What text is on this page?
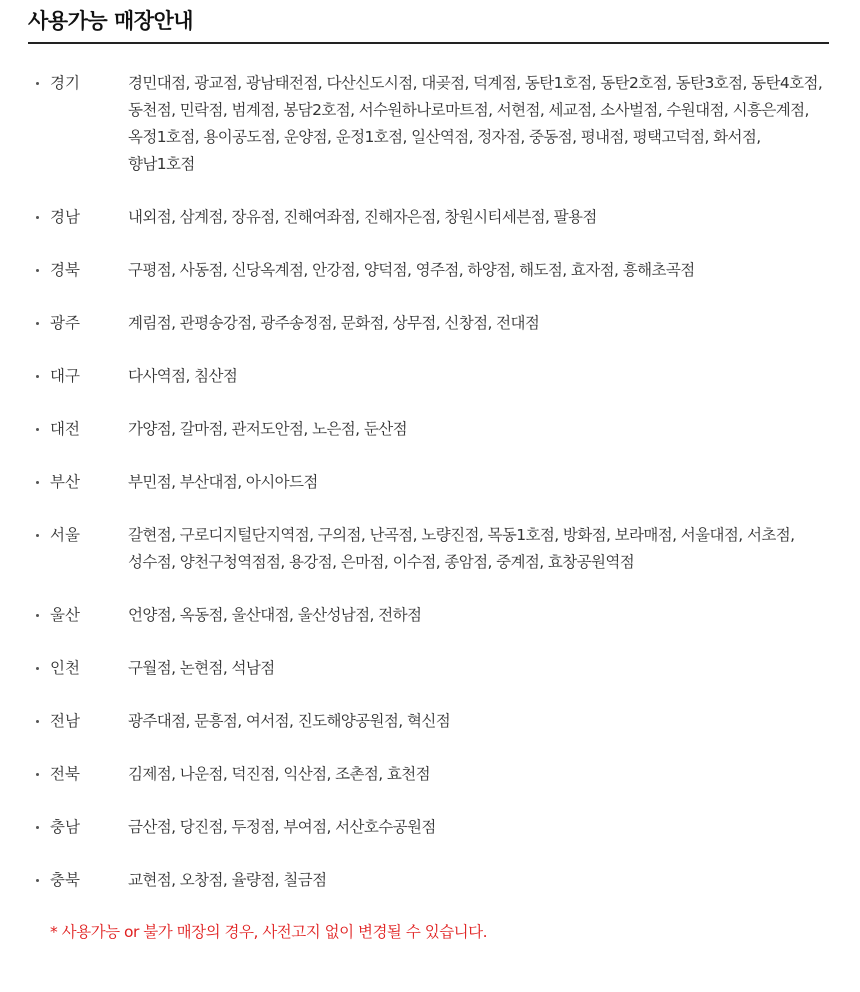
사용가능 매장안내
경기	경민대점, 광교점, 광남태전점, 다산신도시점, 대곶점, 덕계점, 동탄1호점, 동탄2호점, 동탄3호점, 동탄4호점, 동천점, 민락점, 범계점, 봉담2호점, 서수원하나로마트점, 서현점, 세교점, 소사벌점, 수원대점, 시흥은계점, 옥정1호점, 용이공도점, 운양점, 운정1호점, 일산역점, 정자점, 중동점, 평내점, 평택고덕점, 화서점, 향남1호점
경남	내외점, 삼계점, 장유점, 진해여좌점, 진해자은점, 창원시티세븐점, 팔용점
경북	구평점, 사동점, 신당옥계점, 안강점, 양덕점, 영주점, 하양점, 해도점, 효자점, 흥해초곡점
광주	계림점, 관평송강점, 광주송정점, 문화점, 상무점, 신창점, 전대점
대구	다사역점, 침산점
대전	가양점, 갈마점, 관저도안점, 노은점, 둔산점
부산	부민점, 부산대점, 아시아드점
서울	갈현점, 구로디지털단지역점, 구의점, 난곡점, 노량진점, 목동1호점, 방화점, 보라매점, 서울대점, 서초점, 성수점, 양천구청역점점, 용강점, 은마점, 이수점, 종암점, 중계점, 효창공원역점
울산	언양점, 옥동점, 울산대점, 울산성남점, 전하점
인천	구월점, 논현점, 석남점
전남	광주대점, 문흥점, 여서점, 진도해양공원점, 혁신점
전북	김제점, 나운점, 덕진점, 익산점, 조촌점, 효천점
충남	금산점, 당진점, 두정점, 부여점, 서산호수공원점
충북	교현점, 오창점, 율량점, 칠금점

* 사용가능 or 불가 매장의 경우, 사전고지 없이 변경될 수 있습니다.
